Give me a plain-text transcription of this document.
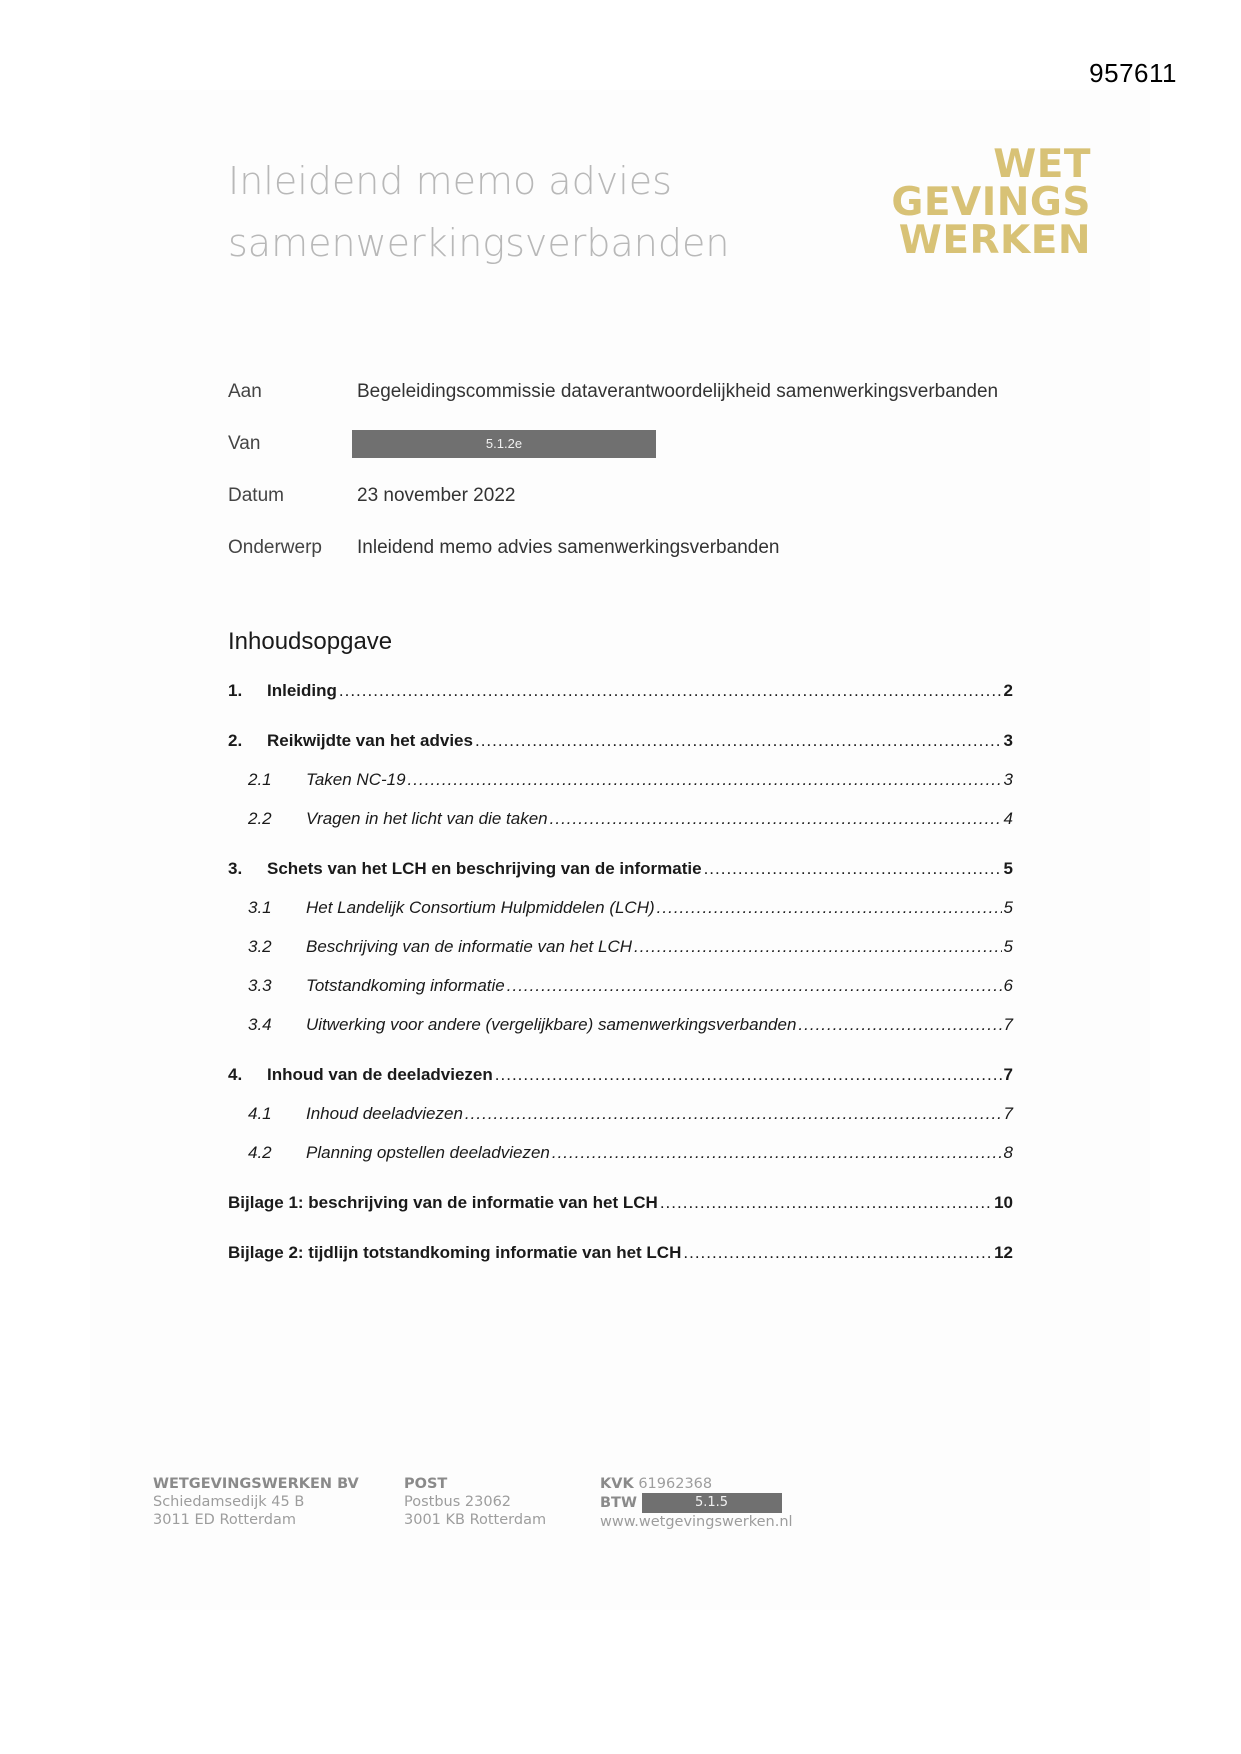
957611
Inleidend memo advies
samenwerkingsverbanden
WET
GEVINGS
WERKEN
Aan	Begeleidingscommissie dataverantwoordelijkheid samenwerkingsverbanden
Van	5.1.2e
Datum	23 november 2022
Onderwerp	Inleidend memo advies samenwerkingsverbanden
Inhoudsopgave
1.	Inleiding .....	2
2.	Reikwijdte van het advies .....	3
2.1	Taken NC-19 .....	3
2.2	Vragen in het licht van die taken .....	4
3.	Schets van het LCH en beschrijving van de informatie .....	5
3.1	Het Landelijk Consortium Hulpmiddelen (LCH) .....	5
3.2	Beschrijving van de informatie van het LCH .....	5
3.3	Totstandkoming informatie .....	6
3.4	Uitwerking voor andere (vergelijkbare) samenwerkingsverbanden .....	7
4.	Inhoud van de deeladviezen .....	7
4.1	Inhoud deeladviezen .....	7
4.2	Planning opstellen deeladviezen .....	8
Bijlage 1: beschrijving van de informatie van het LCH .....	10
Bijlage 2: tijdlijn totstandkoming informatie van het LCH .....	12
WETGEVINGSWERKEN BV
Schiedamsedijk 45 B
3011 ED Rotterdam
POST
Postbus 23062
3001 KB Rotterdam
KVK 61962368
BTW	5.1.5
www.wetgevingswerken.nl
